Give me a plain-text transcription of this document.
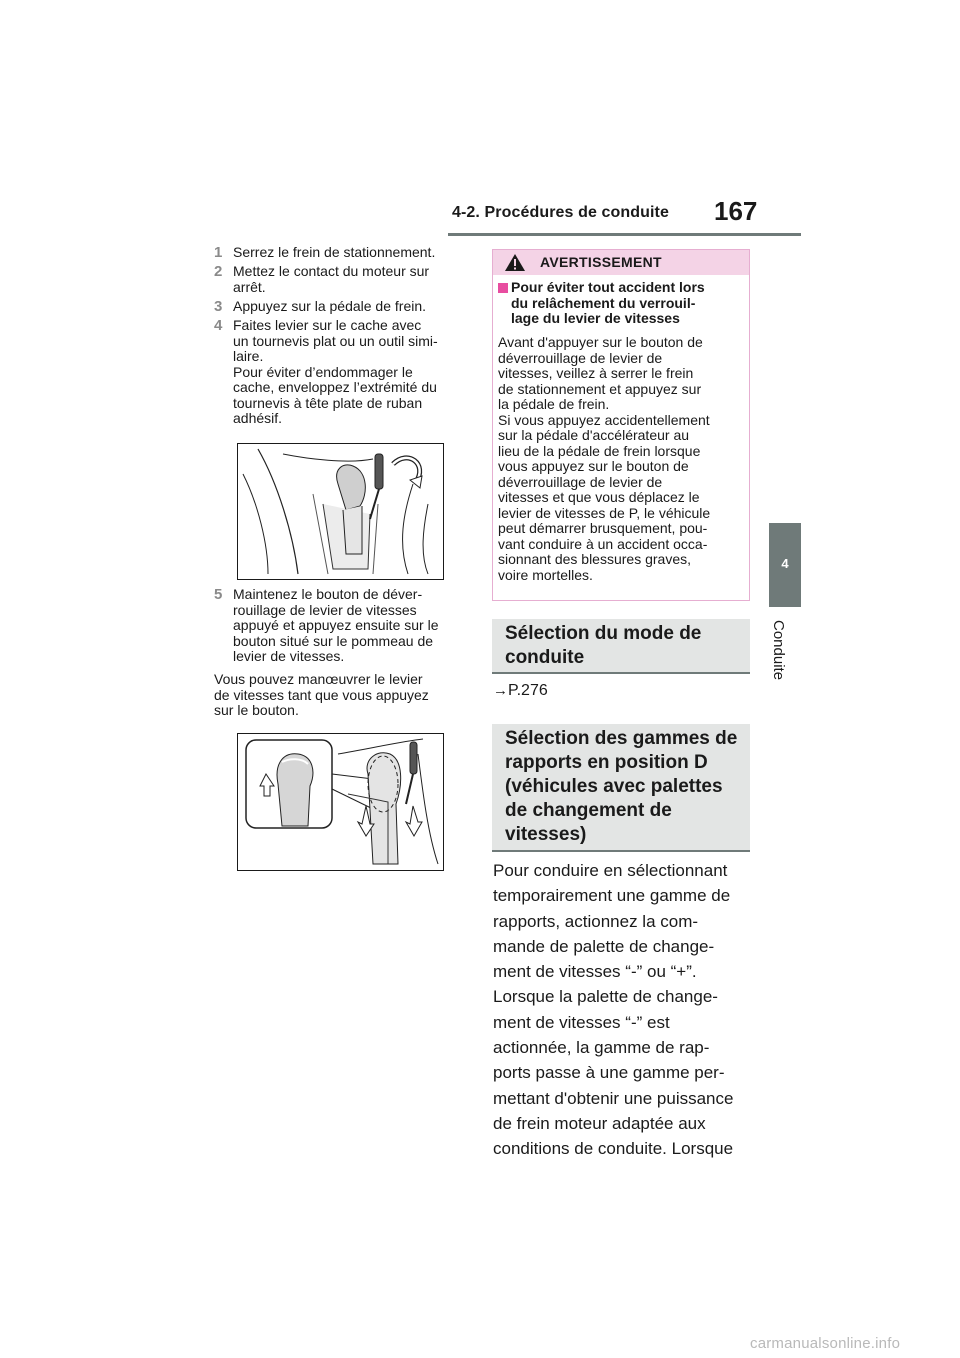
4-2. Procédures de conduite 167
4
Conduite
1 Serrez le frein de stationnement.
2 Mettez le contact du moteur sur
arrêt.
3 Appuyez sur la pédale de frein.
4 Faites levier sur le cache avec
un tournevis plat ou un outil simi-
laire.
Pour éviter d’endommager le
cache, enveloppez l’extrémité du
tournevis à tête plate de ruban
adhésif.
5 Maintenez le bouton de déver-
rouillage de levier de vitesses
appuyé et appuyez ensuite sur le
bouton situé sur le pommeau de
levier de vitesses.
Vous pouvez manœuvrer le levier
de vitesses tant que vous appuyez
sur le bouton.
AVERTISSEMENT
Pour éviter tout accident lors
du relâchement du verrouil-
lage du levier de vitesses
Avant d'appuyer sur le bouton de
déverrouillage de levier de
vitesses, veillez à serrer le frein
de stationnement et appuyez sur
la pédale de frein.
Si vous appuyez accidentellement
sur la pédale d'accélérateur au
lieu de la pédale de frein lorsque
vous appuyez sur le bouton de
déverrouillage de levier de
vitesses et que vous déplacez le
levier de vitesses de P, le véhicule
peut démarrer brusquement, pou-
vant conduire à un accident occa-
sionnant des blessures graves,
voire mortelles.
Sélection du mode de
conduite
→P.276
Sélection des gammes de
rapports en position D
(véhicules avec palettes
de changement de
vitesses)
Pour conduire en sélectionnant
temporairement une gamme de
rapports, actionnez la com-
mande de palette de change-
ment de vitesses “-” ou “+”.
Lorsque la palette de change-
ment de vitesses “-” est
actionnée, la gamme de rap-
ports passe à une gamme per-
mettant d'obtenir une puissance
de frein moteur adaptée aux
conditions de conduite. Lorsque
carmanualsonline.info
